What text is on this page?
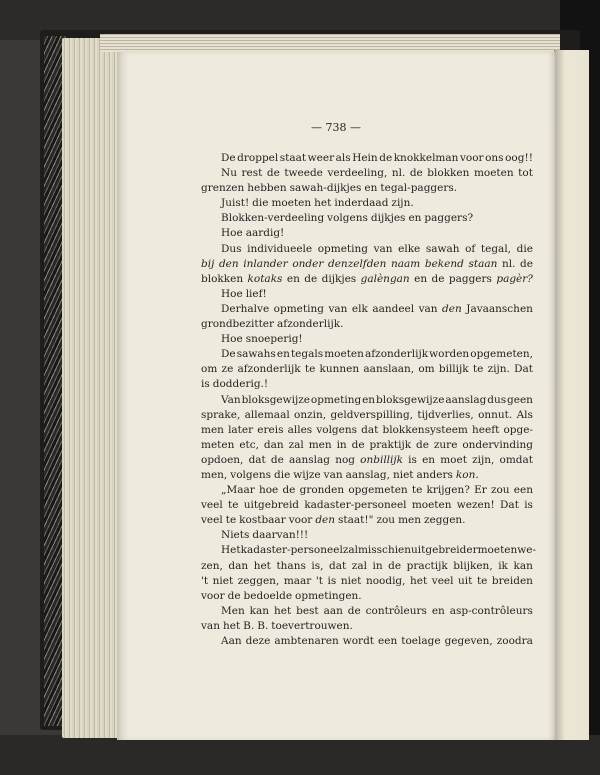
— 738 —
De droppel staat weer als Hein de knokkelman voor ons oog!!
Nu rest de tweede verdeeling, nl. de blokken moeten tot
grenzen hebben sawah-dijkjes en tegal-paggers.
Juist! die moeten het inderdaad zijn.
Blokken-verdeeling volgens dijkjes en paggers?
Hoe aardig!
Dus individueele opmeting van elke sawah of tegal, die
bij den inlander onder denzelfden naam bekend staan nl. de
blokken kotaks en de dijkjes galèngan en de paggers pagèr?
Hoe lief!
Derhalve opmeting van elk aandeel van den Javaanschen
grondbezitter afzonderlijk.
Hoe snoeperig!
De sawahs en tegals moeten afzonderlijk worden opgemeten,
om ze afzonderlijk te kunnen aanslaan, om billijk te zijn. Dat
is dodderig.!
Van bloksgewijze opmeting en bloksgewijze aanslag dus geen
sprake, allemaal onzin, geldverspilling, tijdverlies, onnut. Als
men later ereis alles volgens dat blokkensysteem heeft opge-
meten etc, dan zal men in de praktijk de zure ondervinding
opdoen, dat de aanslag nog onbillijk is en moet zijn, omdat
men, volgens die wijze van aanslag, niet anders kon.
„Maar hoe de gronden opgemeten te krijgen? Er zou een
veel te uitgebreid kadaster-personeel moeten wezen! Dat is
veel te kostbaar voor den staat!" zou men zeggen.
Niets daarvan!!!
Het kadaster-personeel zal misschien uitgebreider moeten we-
zen, dan het thans is, dat zal in de practijk blijken, ik kan
't niet zeggen, maar 't is niet noodig, het veel uit te breiden
voor de bedoelde opmetingen.
Men kan het best aan de contrôleurs en asp-contrôleurs
van het B. B. toevertrouwen.
Aan deze ambtenaren wordt een toelage gegeven, zoodra
